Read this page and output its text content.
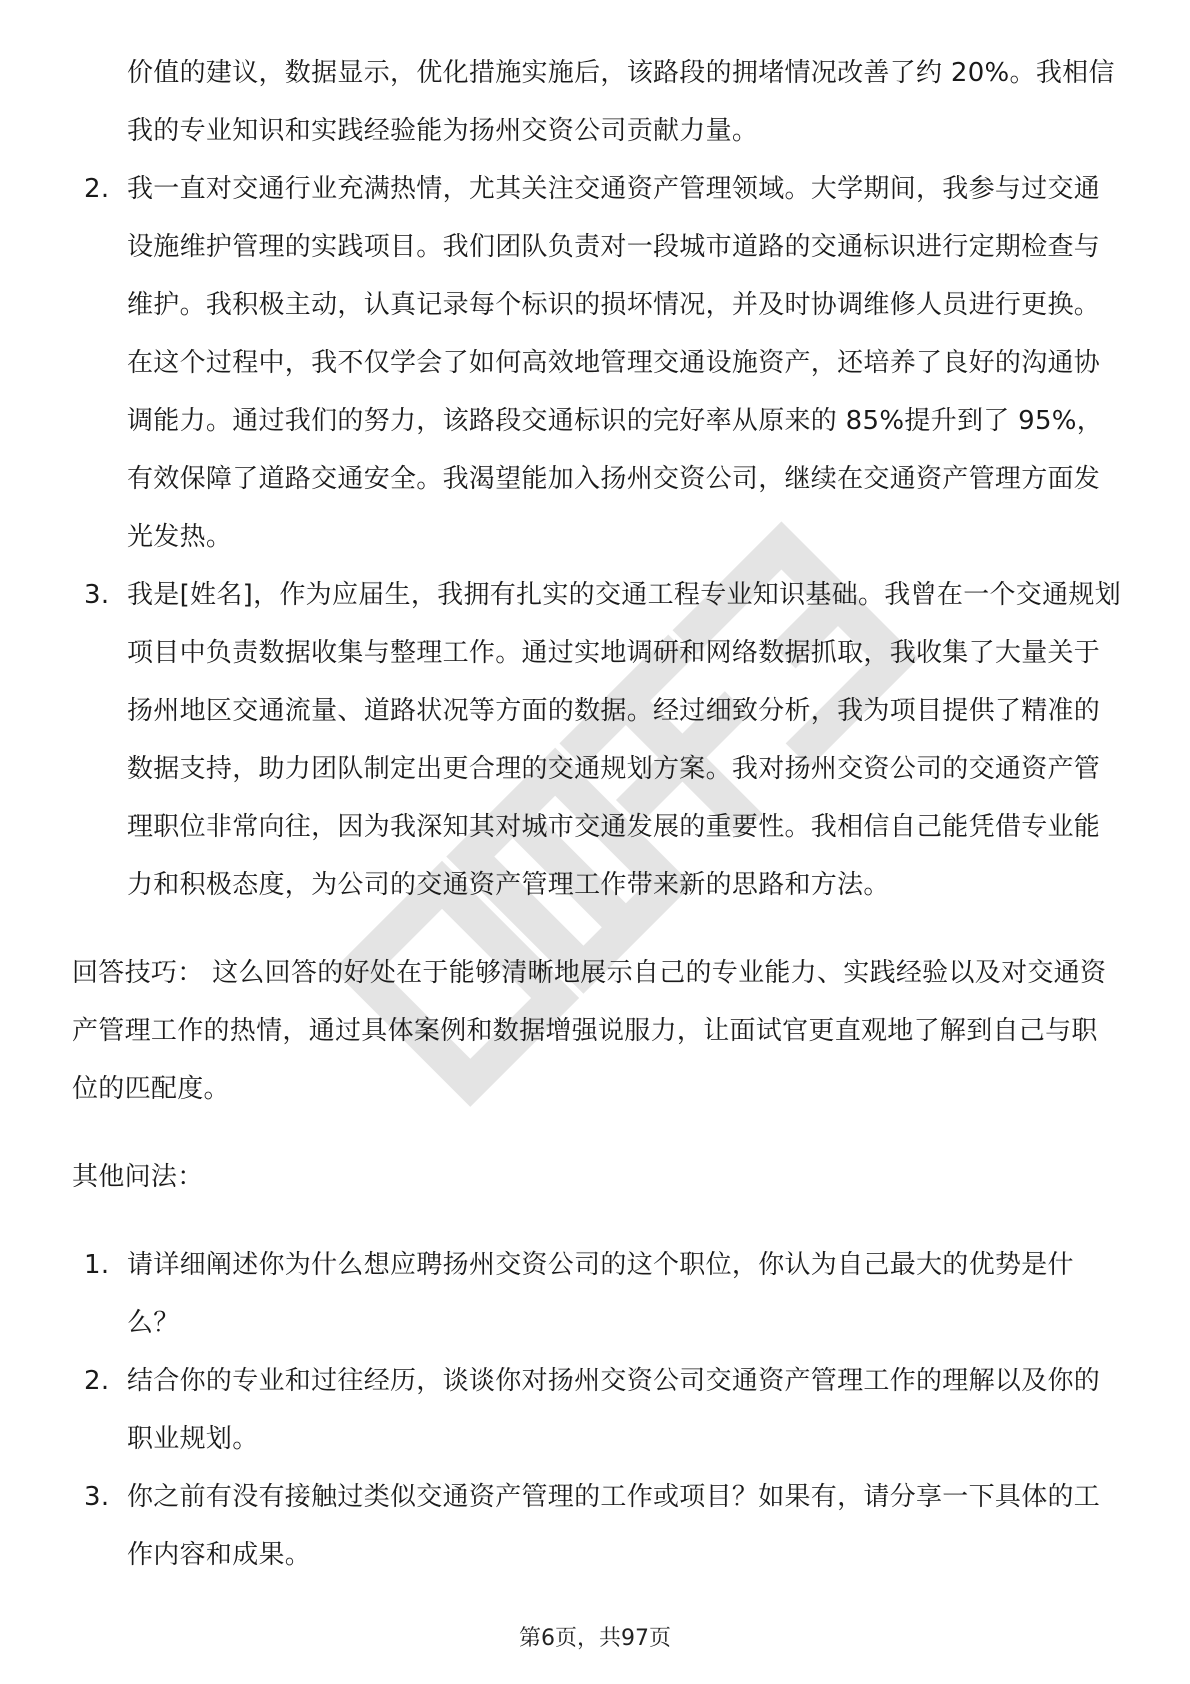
价值的建议，数据显示，优化措施实施后，该路段的拥堵情况改善了约 20%。我相信我的专业知识和实践经验能为扬州交资公司贡献力量。
2. 我一直对交通行业充满热情，尤其关注交通资产管理领域。大学期间，我参与过交通设施维护管理的实践项目。我们团队负责对一段城市道路的交通标识进行定期检查与维护。我积极主动，认真记录每个标识的损坏情况，并及时协调维修人员进行更换。在这个过程中，我不仅学会了如何高效地管理交通设施资产，还培养了良好的沟通协调能力。通过我们的努力，该路段交通标识的完好率从原来的 85%提升到了 95%，有效保障了道路交通安全。我渴望能加入扬州交资公司，继续在交通资产管理方面发光发热。
3. 我是[姓名]，作为应届生，我拥有扎实的交通工程专业知识基础。我曾在一个交通规划项目中负责数据收集与整理工作。通过实地调研和网络数据抓取，我收集了大量关于扬州地区交通流量、道路状况等方面的数据。经过细致分析，我为项目提供了精准的数据支持，助力团队制定出更合理的交通规划方案。我对扬州交资公司的交通资产管理职位非常向往，因为我深知其对城市交通发展的重要性。我相信自己能凭借专业能力和积极态度，为公司的交通资产管理工作带来新的思路和方法。
回答技巧： 这么回答的好处在于能够清晰地展示自己的专业能力、实践经验以及对交通资产管理工作的热情，通过具体案例和数据增强说服力，让面试官更直观地了解到自己与职位的匹配度。
其他问法：
1. 请详细阐述你为什么想应聘扬州交资公司的这个职位，你认为自己最大的优势是什么？
2. 结合你的专业和过往经历，谈谈你对扬州交资公司交通资产管理工作的理解以及你的职业规划。
3. 你之前有没有接触过类似交通资产管理的工作或项目？如果有，请分享一下具体的工作内容和成果。
第6页，共97页
